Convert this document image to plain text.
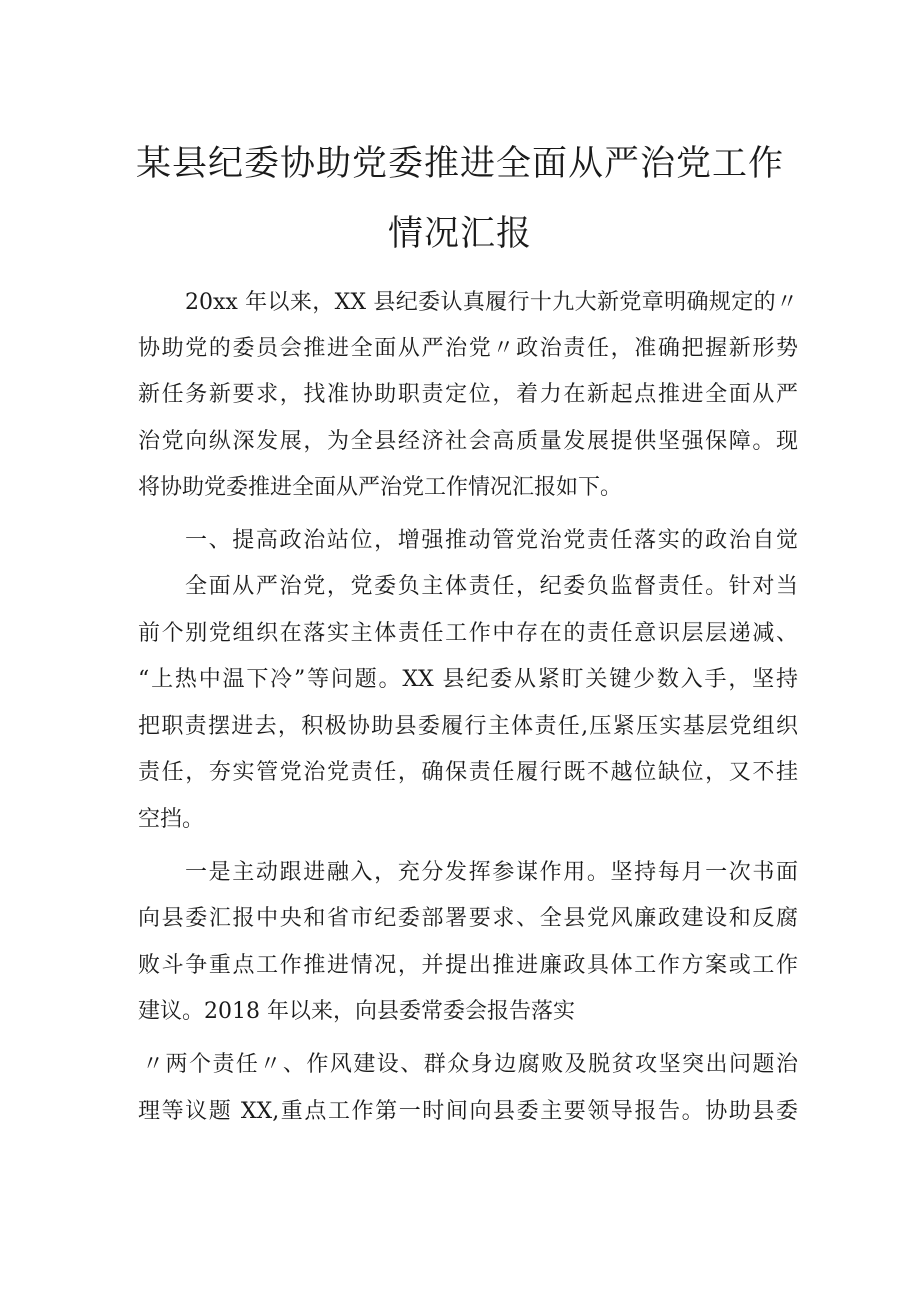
某县纪委协助党委推进全面从严治党工作
情况汇报

20xx 年以来，XX 县纪委认真履行十九大新党章明确规定的〃

协助党的委员会推进全面从严治党〃政治责任，准确把握新形势

新任务新要求，找准协助职责定位，着力在新起点推进全面从严

治党向纵深发展，为全县经济社会高质量发展提供坚强保障。现

将协助党委推进全面从严治党工作情况汇报如下。

一、提高政治站位，增强推动管党治党责任落实的政治自觉

全面从严治党，党委负主体责任，纪委负监督责任。针对当

前个别党组织在落实主体责任工作中存在的责任意识层层递减、

“上热中温下冷”等问题。XX 县纪委从紧盯关键少数入手，坚持

把职责摆进去，积极协助县委履行主体责任,压紧压实基层党组织

责任，夯实管党治党责任，确保责任履行既不越位缺位，又不挂

空挡。

一是主动跟进融入，充分发挥参谋作用。坚持每月一次书面

向县委汇报中央和省市纪委部署要求、全县党风廉政建设和反腐

败斗争重点工作推进情况，并提出推进廉政具体工作方案或工作

建议。2018 年以来，向县委常委会报告落实

〃两个责任〃、作风建设、群众身边腐败及脱贫攻坚突出问题治

理等议题 XX,重点工作第一时间向县委主要领导报告。协助县委
